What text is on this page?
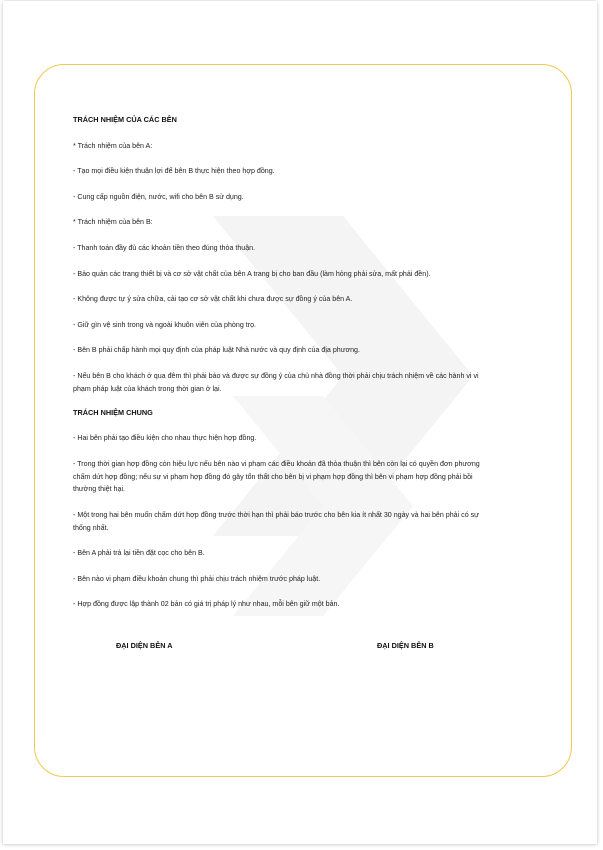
TRÁCH NHIỆM CỦA CÁC BÊN

* Trách nhiệm của bên A:

- Tạo mọi điều kiện thuận lợi để bên B thực hiện theo hợp đồng.

- Cung cấp nguồn điện, nước, wifi cho bên B sử dụng.

* Trách nhiệm của bên B:

- Thanh toán đầy đủ các khoản tiền theo đúng thỏa thuận.

- Bảo quản các trang thiết bị và cơ sở vật chất của bên A trang bị cho ban đầu (làm hỏng phải sửa, mất phải đền).

- Không được tự ý sửa chữa, cải tạo cơ sở vật chất khi chưa được sự đồng ý của bên A.

- Giữ gìn vệ sinh trong và ngoài khuôn viên của phòng trọ.

- Bên B phải chấp hành mọi quy định của pháp luật Nhà nước và quy định của địa phương.

- Nếu bên B cho khách ở qua đêm thì phải báo và được sự đồng ý của chủ nhà đồng thời phải chịu trách nhiệm về các hành vi vi phạm pháp luật của khách trong thời gian ở lại.

TRÁCH NHIỆM CHUNG

- Hai bên phải tạo điều kiện cho nhau thực hiện hợp đồng.

- Trong thời gian hợp đồng còn hiệu lực nếu bên nào vi phạm các điều khoản đã thỏa thuận thì bên còn lại có quyền đơn phương chấm dứt hợp đồng; nếu sự vi phạm hợp đồng đó gây tổn thất cho bên bị vi phạm hợp đồng thì bên vi phạm hợp đồng phải bồi thường thiệt hại.

- Một trong hai bên muốn chấm dứt hợp đồng trước thời hạn thì phải báo trước cho bên kia ít nhất 30 ngày và hai bên phải có sự thống nhất.

- Bên A phải trả lại tiền đặt cọc cho bên B.

- Bên nào vi phạm điều khoản chung thì phải chịu trách nhiệm trước pháp luật.

- Hợp đồng được lập thành 02 bản có giá trị pháp lý như nhau, mỗi bên giữ một bản.

ĐẠI DIỆN BÊN A	ĐẠI DIỆN BÊN B
